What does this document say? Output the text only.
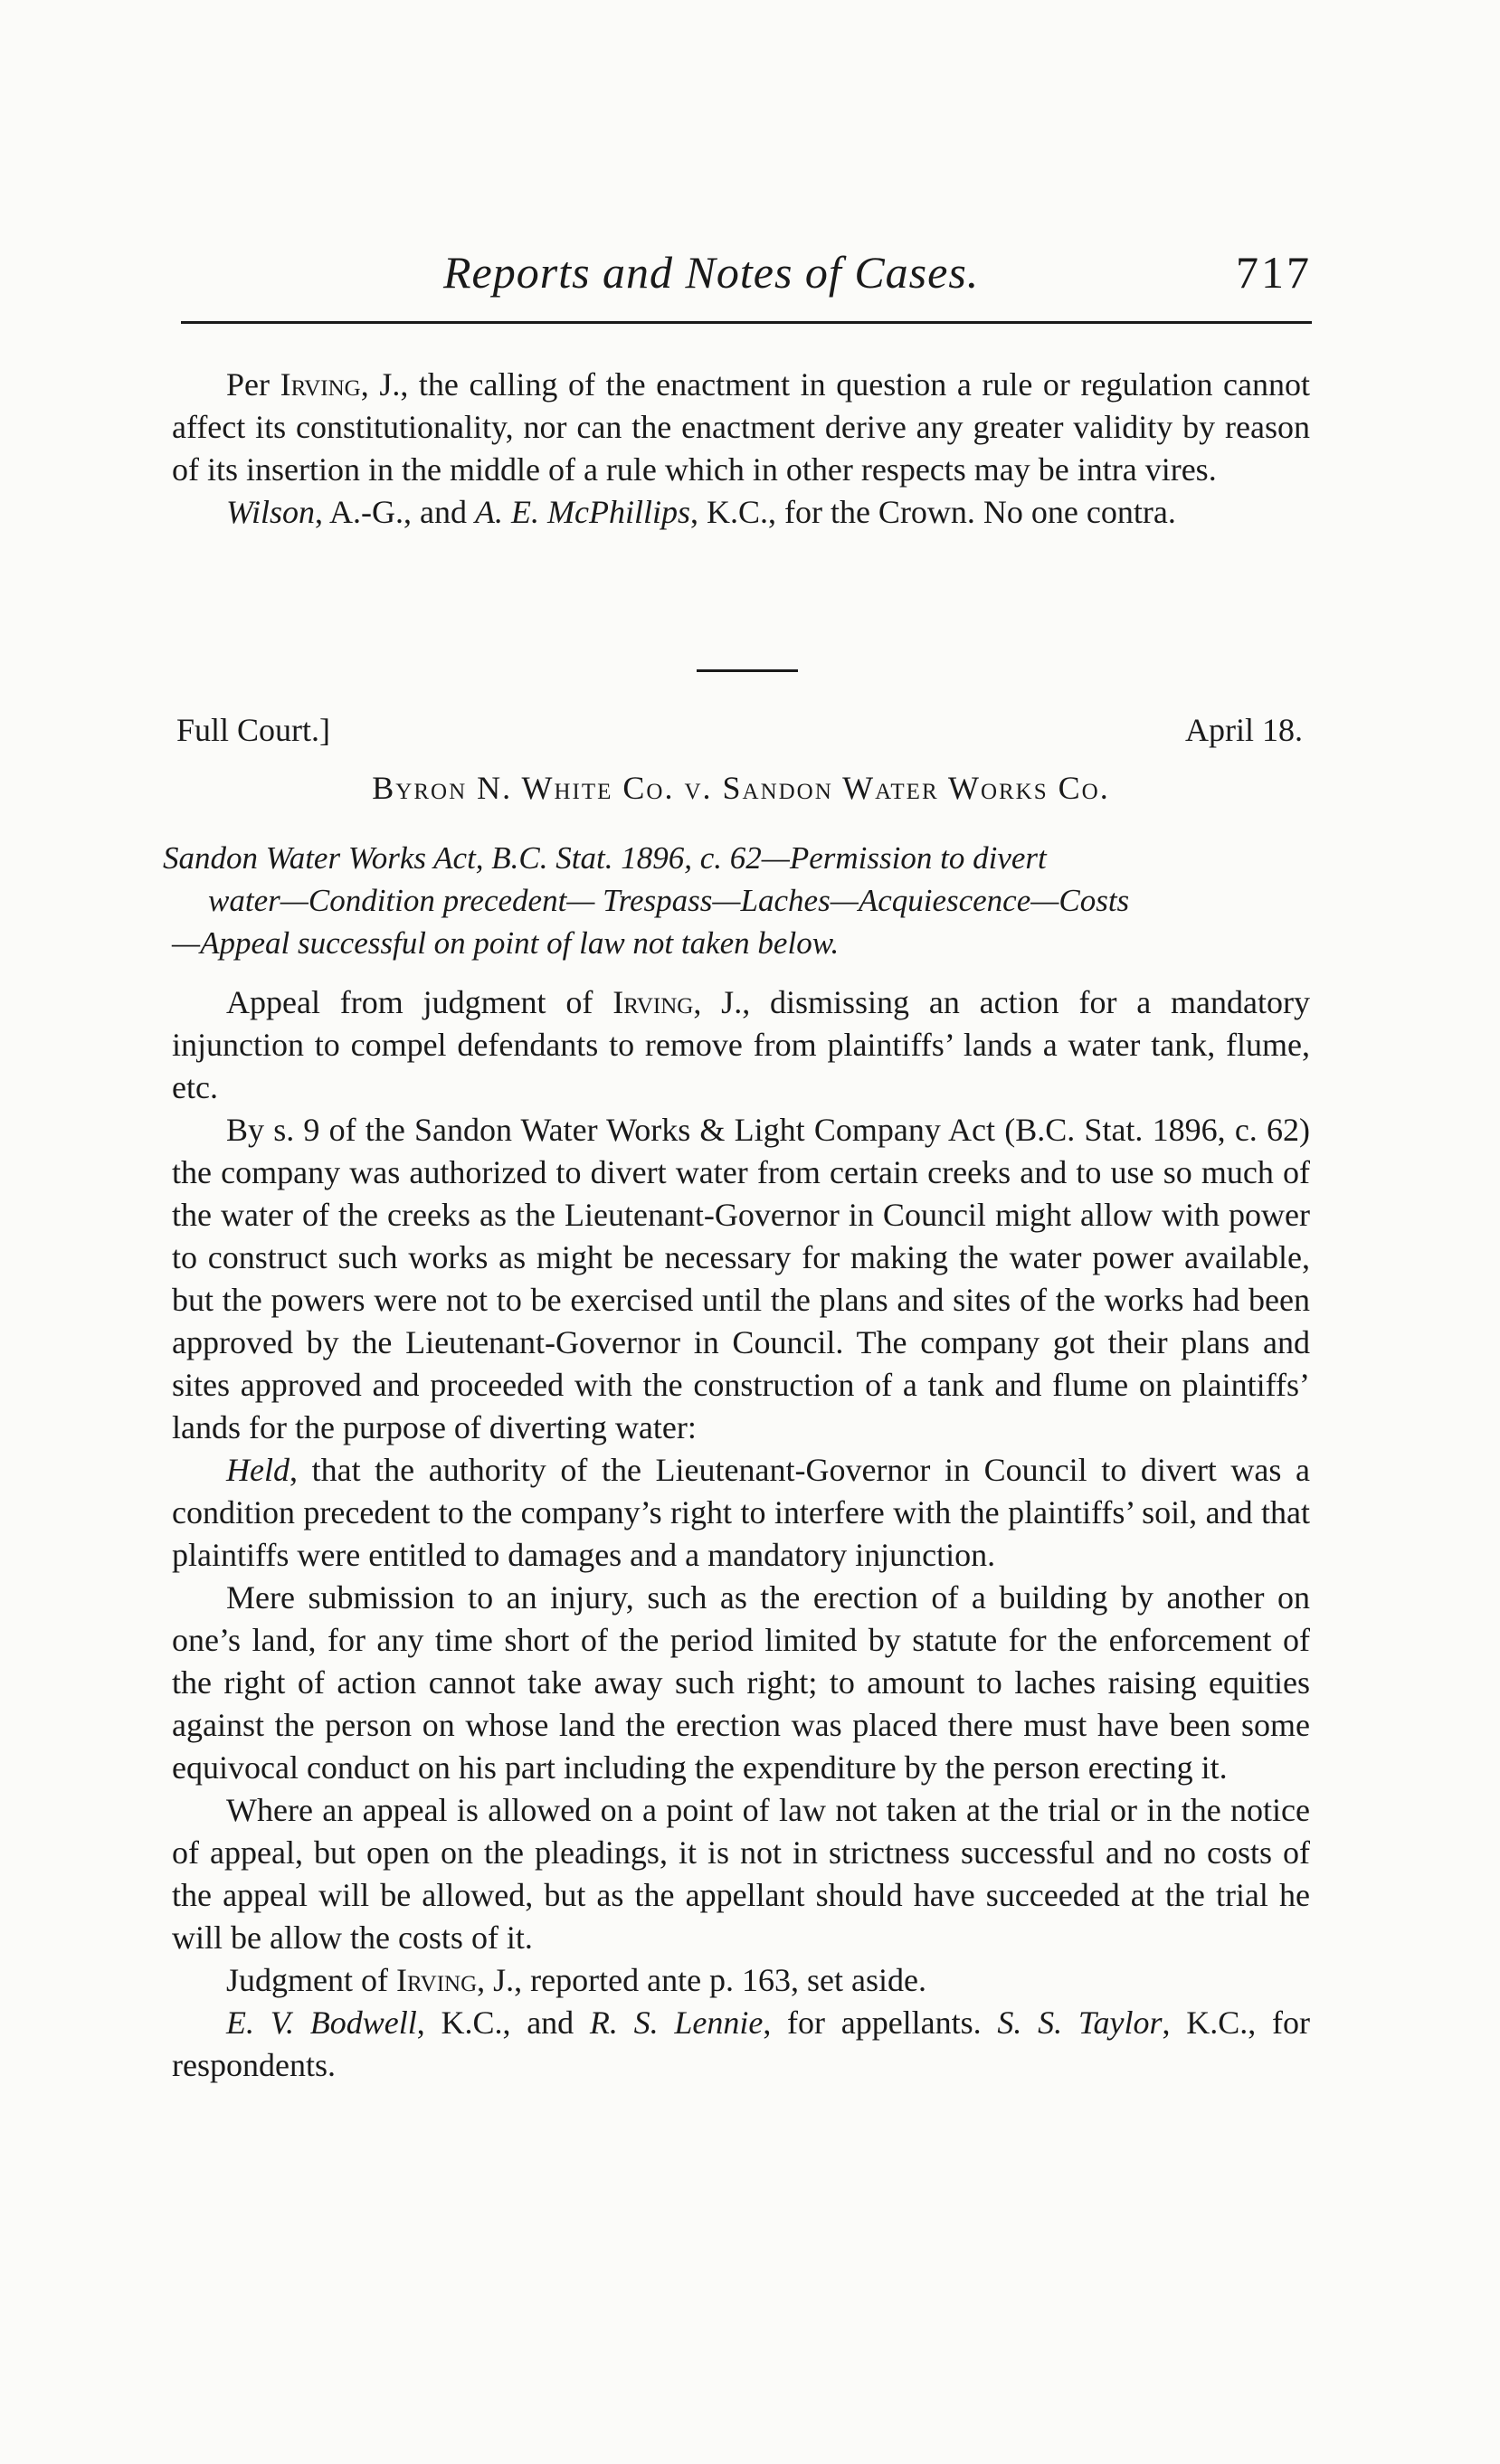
Reports and Notes of Cases.	717

Per Irving, J., the calling of the enactment in question a rule or regulation cannot affect its constitutionality, nor can the enactment derive any greater validity by reason of its insertion in the middle of a rule which in other respects may be intra vires.

Wilson, A.-G., and A. E. McPhillips, K.C., for the Crown. No one contra.

Full Court.]	April 18.
Byron N. White Co. v. Sandon Water Works Co.
Sandon Water Works Act, B.C. Stat. 1896, c. 62—Permission to divert
water—Condition precedent— Trespass—Laches—Acquiescence—Costs
—Appeal successful on point of law not taken below.

Appeal from judgment of Irving, J., dismissing an action for a mandatory injunction to compel defendants to remove from plaintiffs’ lands a water tank, flume, etc.

By s. 9 of the Sandon Water Works & Light Company Act (B.C. Stat. 1896, c. 62) the company was authorized to divert water from certain creeks and to use so much of the water of the creeks as the Lieutenant-Governor in Council might allow with power to construct such works as might be necessary for making the water power available, but the powers were not to be exercised until the plans and sites of the works had been approved by the Lieutenant-Governor in Council. The company got their plans and sites approved and proceeded with the construction of a tank and flume on plaintiffs’ lands for the purpose of diverting water:

Held, that the authority of the Lieutenant-Governor in Council to divert was a condition precedent to the company’s right to interfere with the plaintiffs’ soil, and that plaintiffs were entitled to damages and a mandatory injunction.

Mere submission to an injury, such as the erection of a building by another on one’s land, for any time short of the period limited by statute for the enforcement of the right of action cannot take away such right; to amount to laches raising equities against the person on whose land the erection was placed there must have been some equivocal conduct on his part including the expenditure by the person erecting it.

Where an appeal is allowed on a point of law not taken at the trial or in the notice of appeal, but open on the pleadings, it is not in strictness successful and no costs of the appeal will be allowed, but as the appellant should have succeeded at the trial he will be allow the costs of it.

Judgment of Irving, J., reported ante p. 163, set aside.

E. V. Bodwell, K.C., and R. S. Lennie, for appellants. S. S. Taylor, K.C., for respondents.
